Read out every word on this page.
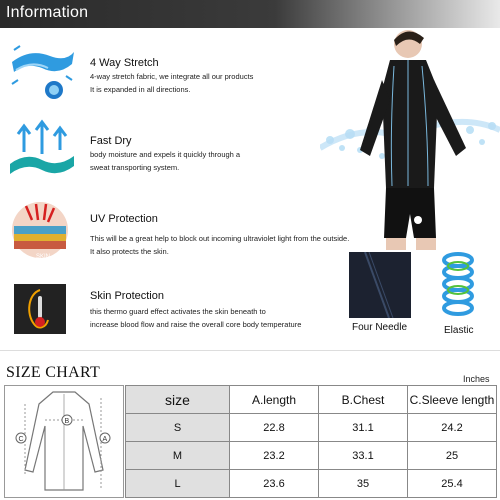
Information
4 Way Stretch
4-way stretch fabric, we integrate all our products
It is expanded in all directions.
Fast Dry
body moisture and expels it quickly through a
sweat transporting system.
SKIN
UV Protection
This will be a great help to block out incoming ultraviolet light from the outside.
It also protects the skin.
Skin Protection
this thermo guard effect activates the skin beneath to
increase blood flow and raise the overall core body temperature	Four Needle	Elastic
SIZE CHART	Inches
A
B
C
size	A.length	B.Chest	C.Sleeve length
S	22.8	31.1	24.2
M	23.2	33.1	25
L	23.6	35	25.4
